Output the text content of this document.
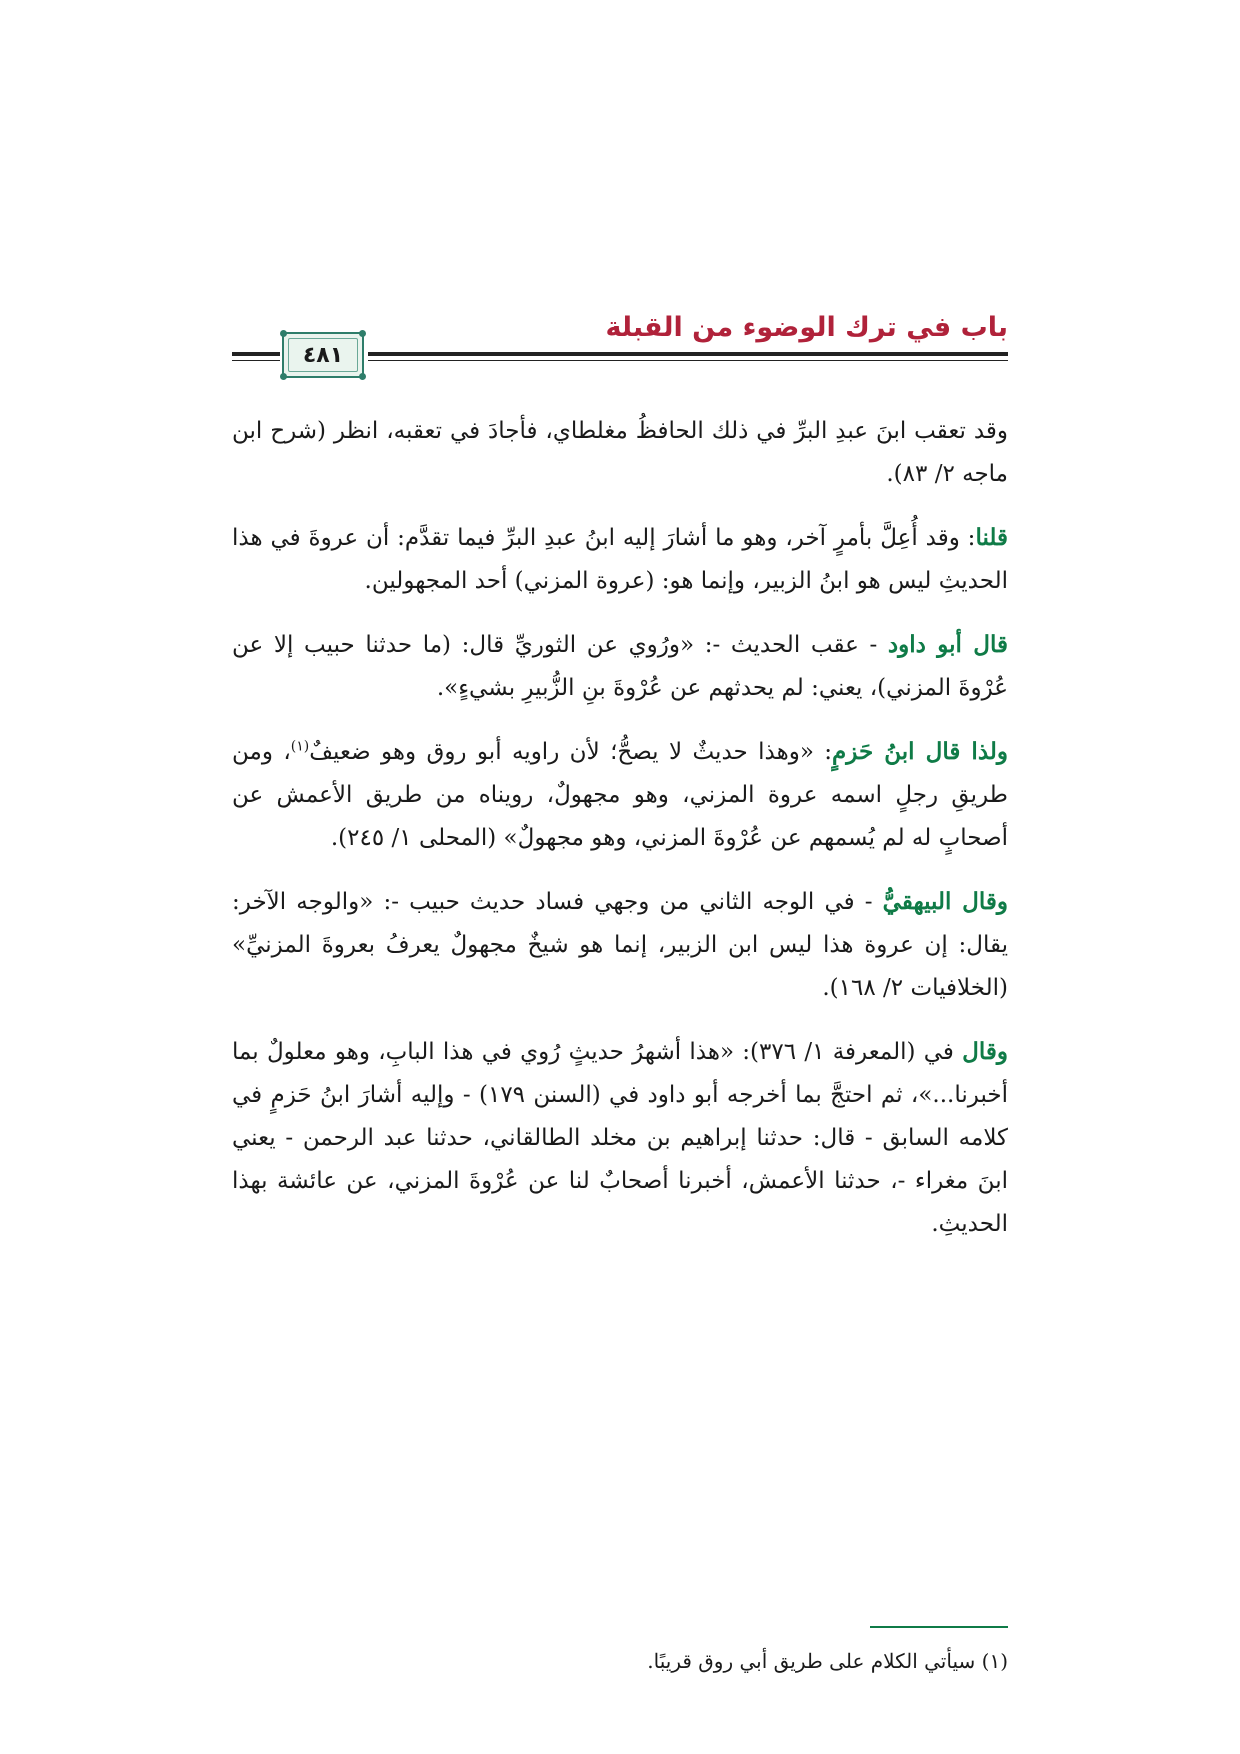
باب في ترك الوضوء من القبلة
٤٨١

وقد تعقب ابنَ عبدِ البرِّ في ذلك الحافظُ مغلطاي، فأجادَ في تعقبه، انظر (شرح ابن ماجه ٢/ ٨٣).

قلنا: وقد أُعِلَّ بأمرٍ آخر، وهو ما أشارَ إليه ابنُ عبدِ البرِّ فيما تقدَّم: أن عروةَ في هذا الحديثِ ليس هو ابنُ الزبير، وإنما هو: (عروة المزني) أحد المجهولين.

قال أبو داود - عقب الحديث -: «ورُوي عن الثوريِّ قال: (ما حدثنا حبيب إلا عن عُرْوةَ المزني)، يعني: لم يحدثهم عن عُرْوةَ بنِ الزُّبيرِ بشيءٍ».

ولذا قال ابنُ حَزمٍ: «وهذا حديثٌ لا يصحُّ؛ لأن راويه أبو روق وهو ضعيفٌ$^{(١)}$، ومن طريقِ رجلٍ اسمه عروة المزني، وهو مجهولٌ، رويناه من طريق الأعمش عن أصحابٍ له لم يُسمهم عن عُرْوةَ المزني، وهو مجهولٌ» (المحلى ١/ ٢٤٥).

وقال البيهقيُّ - في الوجه الثاني من وجهي فساد حديث حبيب -: «والوجه الآخر: يقال: إن عروة هذا ليس ابن الزبير، إنما هو شيخٌ مجهولٌ يعرفُ بعروةَ المزنيِّ» (الخلافيات ٢/ ١٦٨).

وقال في (المعرفة ١/ ٣٧٦): «هذا أشهرُ حديثٍ رُوي في هذا البابِ، وهو معلولٌ بما أخبرنا...»، ثم احتجَّ بما أخرجه أبو داود في (السنن ١٧٩) - وإليه أشارَ ابنُ حَزمٍ في كلامه السابق - قال: حدثنا إبراهيم بن مخلد الطالقاني، حدثنا عبد الرحمن - يعني ابنَ مغراء -، حدثنا الأعمش، أخبرنا أصحابٌ لنا عن عُرْوةَ المزني، عن عائشة بهذا الحديثِ.

(١) سيأتي الكلام على طريق أبي روق قريبًا.
